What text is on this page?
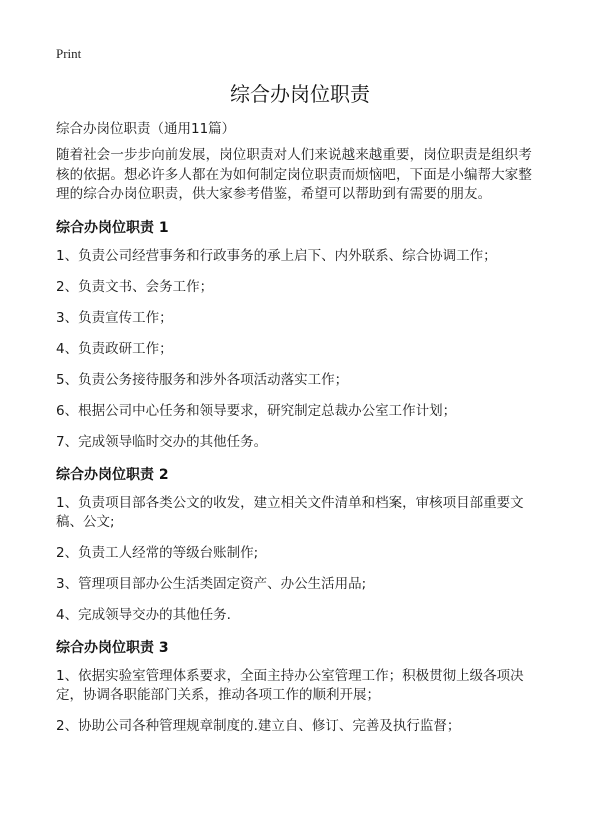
Print
综合办岗位职责

综合办岗位职责（通用11篇）

随着社会一步步向前发展，岗位职责对人们来说越来越重要，岗位职责是组织考核的依据。想必许多人都在为如何制定岗位职责而烦恼吧，下面是小编帮大家整理的综合办岗位职责，供大家参考借鉴，希望可以帮助到有需要的朋友。

综合办岗位职责 1

1、负责公司经营事务和行政事务的承上启下、内外联系、综合协调工作；

2、负责文书、会务工作；

3、负责宣传工作；

4、负责政研工作；

5、负责公务接待服务和涉外各项活动落实工作；

6、根据公司中心任务和领导要求，研究制定总裁办公室工作计划；

7、完成领导临时交办的其他任务。

综合办岗位职责 2

1、负责项目部各类公文的收发，建立相关文件清单和档案，审核项目部重要文稿、公文;

2、负责工人经常的等级台账制作;

3、管理项目部办公生活类固定资产、办公生活用品;

4、完成领导交办的其他任务.

综合办岗位职责 3

1、依据实验室管理体系要求，全面主持办公室管理工作；积极贯彻上级各项决定，协调各职能部门关系，推动各项工作的顺利开展；

2、协助公司各种管理规章制度的.建立自、修订、完善及执行监督；
